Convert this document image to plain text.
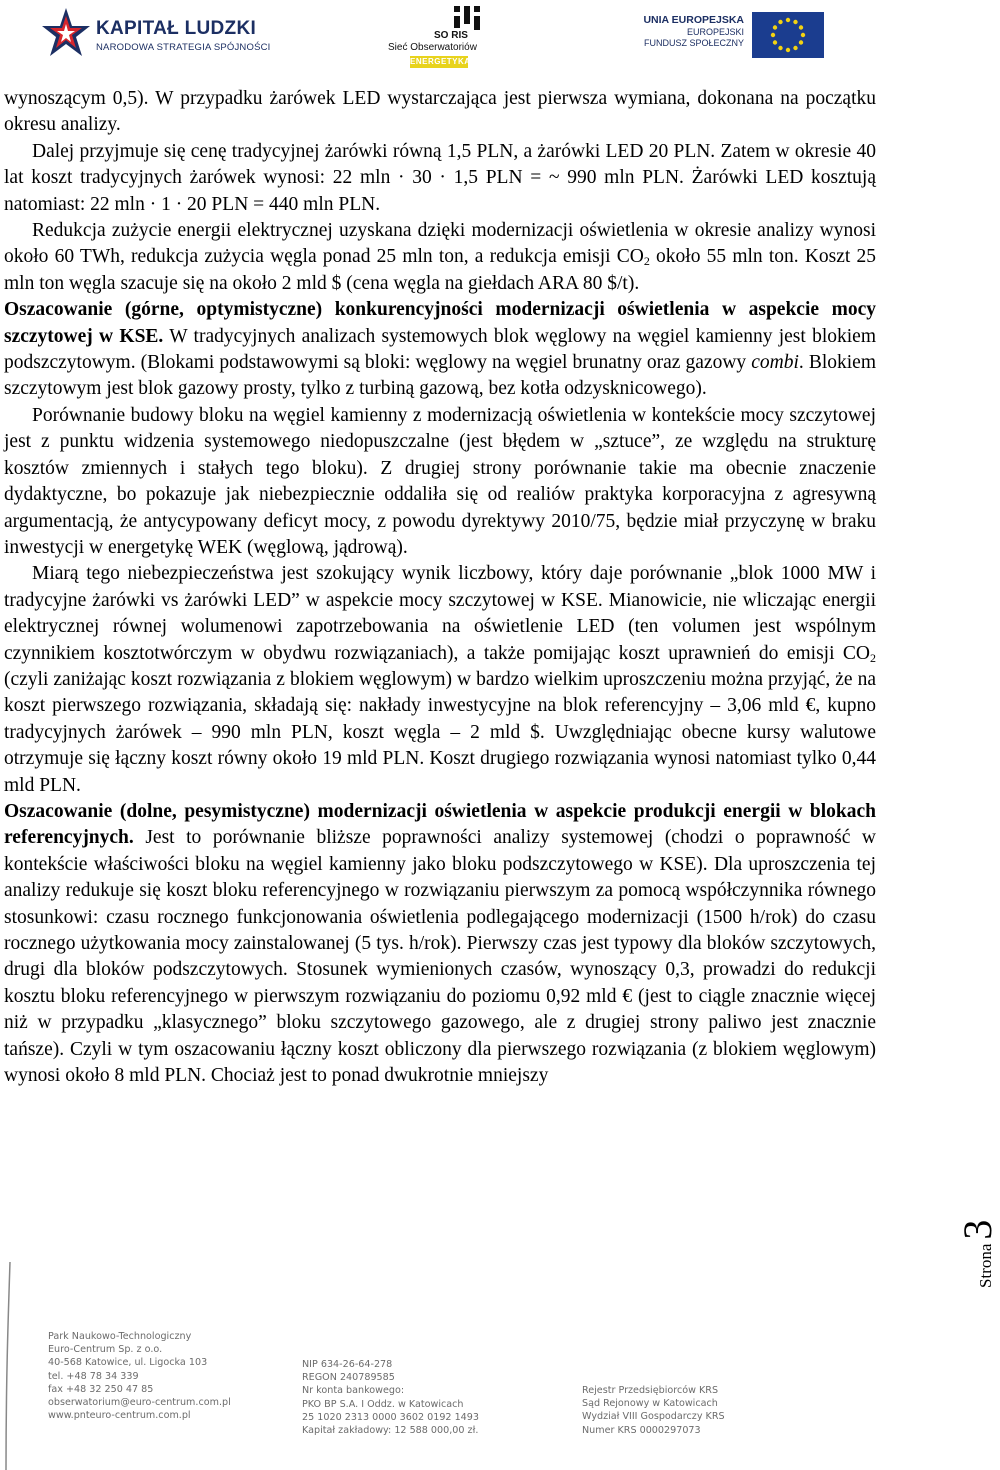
KAPITAŁ LUDZKI
NARODOWA STRATEGIA SPÓJNOŚCI
SO RIS
Sieć Obserwatoriów
ENERGETYKA
UNIA EUROPEJSKA
EUROPEJSKI
FUNDUSZ SPOŁECZNY

wynoszącym 0,5). W przypadku żarówek LED wystarczająca jest pierwsza wymiana, dokonana na początku okresu analizy.

Dalej przyjmuje się cenę tradycyjnej żarówki równą 1,5 PLN, a żarówki LED 20 PLN. Zatem w okresie 40 lat koszt tradycyjnych żarówek wynosi: 22 mln · 30 · 1,5 PLN = ~ 990 mln PLN. Żarówki LED kosztują natomiast: 22 mln · 1 · 20 PLN = 440 mln PLN.

Redukcja zużycie energii elektrycznej uzyskana dzięki modernizacji oświetlenia w okresie analizy wynosi około 60 TWh, redukcja zużycia węgla ponad 25 mln ton, a redukcja emisji $CO_2$ około 55 mln ton. Koszt 25 mln ton węgla szacuje się na około 2 mld $ (cena węgla na giełdach ARA 80 $/t).

Oszacowanie (górne, optymistyczne) konkurencyjności modernizacji oświetlenia w aspekcie mocy szczytowej w KSE. W tradycyjnych analizach systemowych blok węglowy na węgiel kamienny jest blokiem podszczytowym. (Blokami podstawowymi są bloki: węglowy na węgiel brunatny oraz gazowy combi. Blokiem szczytowym jest blok gazowy prosty, tylko z turbiną gazową, bez kotła odzysknicowego).

Porównanie budowy bloku na węgiel kamienny z modernizacją oświetlenia w kontekście mocy szczytowej jest z punktu widzenia systemowego niedopuszczalne (jest błędem w „sztuce”, ze względu na strukturę kosztów zmiennych i stałych tego bloku). Z drugiej strony porównanie takie ma obecnie znaczenie dydaktyczne, bo pokazuje jak niebezpiecznie oddaliła się od realiów praktyka korporacyjna z agresywną argumentacją, że antycypowany deficyt mocy, z powodu dyrektywy 2010/75, będzie miał przyczynę w braku inwestycji w energetykę WEK (węglową, jądrową).

Miarą tego niebezpieczeństwa jest szokujący wynik liczbowy, który daje porównanie „blok 1000 MW i tradycyjne żarówki vs żarówki LED” w aspekcie mocy szczytowej w KSE. Mianowicie, nie wliczając energii elektrycznej równej wolumenowi zapotrzebowania na oświetlenie LED (ten volumen jest wspólnym czynnikiem kosztotwórczym w obydwu rozwiązaniach), a także pomijając koszt uprawnień do emisji $CO_2$ (czyli zaniżając koszt rozwiązania z blokiem węglowym) w bardzo wielkim uproszczeniu można przyjąć, że na koszt pierwszego rozwiązania, składają się: nakłady inwestycyjne na blok referencyjny – 3,06 mld €, kupno tradycyjnych żarówek – 990 mln PLN, koszt węgla – 2 mld $. Uwzględniając obecne kursy walutowe otrzymuje się łączny koszt równy około 19 mld PLN. Koszt drugiego rozwiązania wynosi natomiast tylko 0,44 mld PLN.

Oszacowanie (dolne, pesymistyczne) modernizacji oświetlenia w aspekcie produkcji energii w blokach referencyjnych. Jest to porównanie bliższe poprawności analizy systemowej (chodzi o poprawność w kontekście właściwości bloku na węgiel kamienny jako bloku podszczytowego w KSE). Dla uproszczenia tej analizy redukuje się koszt bloku referencyjnego w rozwiązaniu pierwszym za pomocą współczynnika równego stosunkowi: czasu rocznego funkcjonowania oświetlenia podlegającego modernizacji (1500 h/rok) do czasu rocznego użytkowania mocy zainstalowanej (5 tys. h/rok). Pierwszy czas jest typowy dla bloków szczytowych, drugi dla bloków podszczytowych. Stosunek wymienionych czasów, wynoszący 0,3, prowadzi do redukcji kosztu bloku referencyjnego w pierwszym rozwiązaniu do poziomu 0,92 mld € (jest to ciągle znacznie więcej niż w przypadku „klasycznego” bloku szczytowego gazowego, ale z drugiej strony paliwo jest znacznie tańsze). Czyli w tym oszacowaniu łączny koszt obliczony dla pierwszego rozwiązania (z blokiem węglowym) wynosi około 8 mld PLN. Chociaż jest to ponad dwukrotnie mniejszy

Strona 3
Park Naukowo-Technologiczny
Euro-Centrum Sp. z o.o.
40-568 Katowice, ul. Ligocka 103
tel. +48 78 34 339
fax +48 32 250 47 85
obserwatorium@euro-centrum.com.pl
www.pnteuro-centrum.com.pl
NIP 634-26-64-278
REGON 240789585
Nr konta bankowego:
PKO BP S.A. I Oddz. w Katowicach
25 1020 2313 0000 3602 0192 1493
Kapitał zakładowy: 12 588 000,00 zł.
Rejestr Przedsiębiorców KRS
Sąd Rejonowy w Katowicach
Wydział VIII Gospodarczy KRS
Numer KRS 0000297073
